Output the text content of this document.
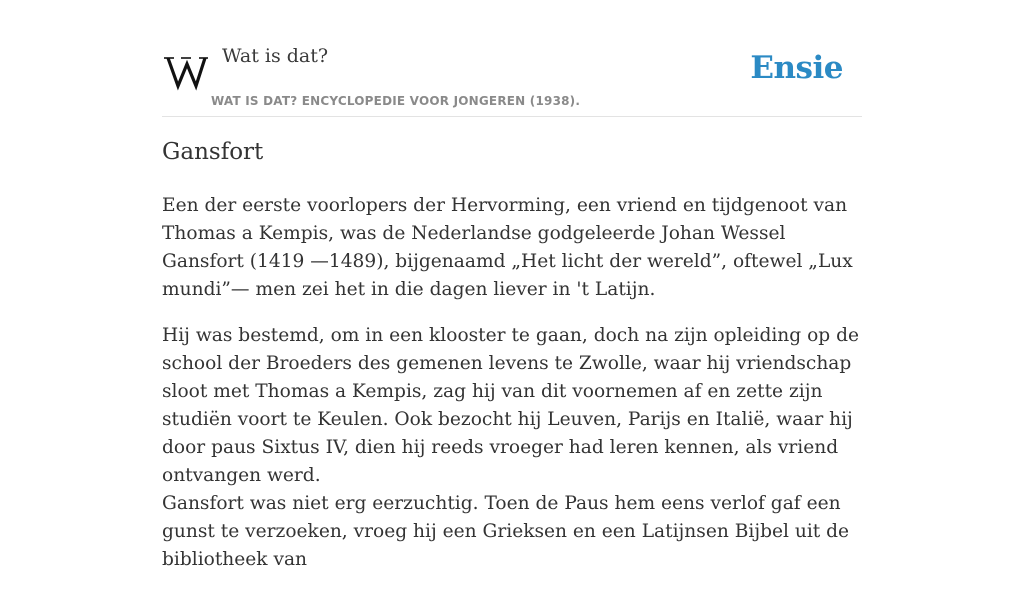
Wat is dat?
WAT IS DAT? ENCYCLOPEDIE VOOR JONGEREN (1938).
Ensie
Gansfort

Een der eerste voorlopers der Hervorming, een vriend en tijdgenoot van Thomas a Kempis, was de Nederlandse godgeleerde Johan Wessel Gansfort (1419 —1489), bijgenaamd „Het licht der wereld”, oftewel „Lux mundi”— men zei het in die dagen liever in 't Latijn.

Hij was bestemd, om in een klooster te gaan, doch na zijn opleiding op de school der Broeders des gemenen levens te Zwolle, waar hij vriendschap sloot met Thomas a Kempis, zag hij van dit voornemen af en zette zijn studiën voort te Keulen. Ook bezocht hij Leuven, Parijs en Italië, waar hij door paus Sixtus IV, dien hij reeds vroeger had leren kennen, als vriend ontvangen werd.
Gansfort was niet erg eerzuchtig. Toen de Paus hem eens verlof gaf een gunst te verzoeken, vroeg hij een Grieksen en een Latijnsen Bijbel uit de bibliotheek van
